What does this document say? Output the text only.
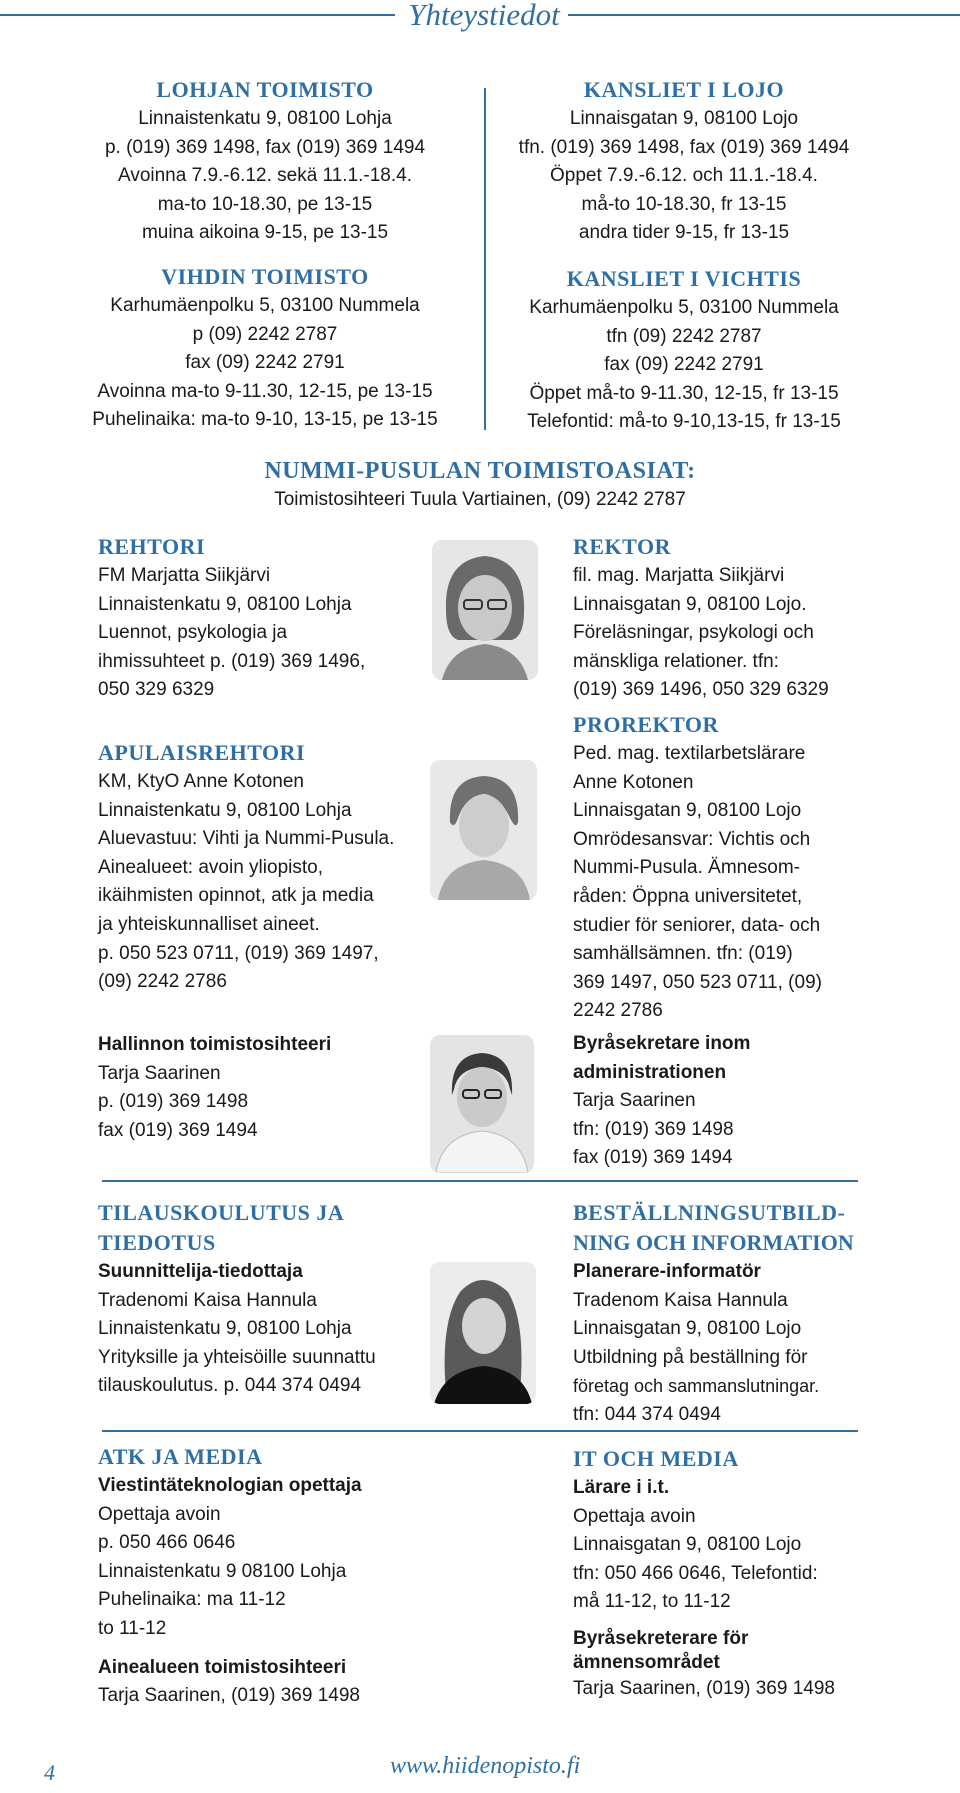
Yhteystiedot
LOHJAN TOIMISTO
Linnaistenkatu 9, 08100 Lohja
p. (019) 369 1498, fax (019) 369 1494
Avoinna 7.9.-6.12. sekä 11.1.-18.4.
ma-to 10-18.30, pe 13-15
muina aikoina 9-15, pe 13-15
KANSLIET I LOJO
Linnaisgatan 9, 08100 Lojo
tfn. (019) 369 1498, fax (019) 369 1494
Öppet 7.9.-6.12. och 11.1.-18.4.
må-to 10-18.30, fr 13-15
andra tider 9-15, fr 13-15
VIHDIN TOIMISTO
Karhumäenpolku 5, 03100 Nummela
p (09) 2242 2787
fax (09) 2242 2791
Avoinna ma-to 9-11.30, 12-15, pe 13-15
Puhelinaika: ma-to 9-10, 13-15, pe 13-15
KANSLIET I VICHTIS
Karhumäenpolku 5, 03100 Nummela
tfn (09) 2242 2787
fax (09) 2242 2791
Öppet må-to 9-11.30, 12-15, fr 13-15
Telefontid: må-to 9-10,13-15, fr 13-15
NUMMI-PUSULAN TOIMISTOASIAT:
Toimistosihteeri Tuula Vartiainen, (09) 2242 2787
REHTORI
FM Marjatta Siikjärvi
Linnaistenkatu 9, 08100 Lohja
Luennot, psykologia ja
ihmissuhteet p. (019) 369 1496,
050 329 6329
REKTOR
fil. mag. Marjatta Siikjärvi
Linnaisgatan 9, 08100 Lojo.
Föreläsningar, psykologi och
mänskliga relationer. tfn:
(019) 369 1496, 050 329 6329
APULAISREHTORI
KM, KtyO Anne Kotonen
Linnaistenkatu 9, 08100 Lohja
Aluevastuu: Vihti ja Nummi-Pusula.
Ainealueet: avoin yliopisto,
ikäihmisten opinnot, atk ja media
ja yhteiskunnalliset aineet.
p. 050 523 0711, (019) 369 1497,
(09) 2242 2786
PROREKTOR
Ped. mag. textilarbetslärare
Anne Kotonen
Linnaisgatan 9, 08100 Lojo
Omrödesansvar: Vichtis och
Nummi-Pusula. Ämnesom-
råden: Öppna universitetet,
studier för seniorer, data- och
samhällsämnen. tfn: (019)
369 1497, 050 523 0711, (09)
2242 2786
Hallinnon toimistosihteeri
Tarja Saarinen
p. (019) 369 1498
fax (019) 369 1494
Byråsekretare inom
administrationen
Tarja Saarinen
tfn: (019) 369 1498
fax (019) 369 1494
TILAUSKOULUTUS JA
TIEDOTUS
Suunnittelija-tiedottaja
Tradenomi Kaisa Hannula
Linnaistenkatu 9, 08100 Lohja
Yrityksille ja yhteisöille suunnattu
tilauskoulutus. p. 044 374 0494
BESTÄLLNINGSUTBILD-
NING OCH INFORMATION
Planerare-informatör
Tradenom Kaisa Hannula
Linnaisgatan 9, 08100 Lojo
Utbildning på beställning för
företag och sammanslutningar.
tfn: 044 374 0494
ATK JA MEDIA
Viestintäteknologian opettaja
Opettaja avoin
p. 050 466 0646
Linnaistenkatu 9 08100 Lohja
Puhelinaika: ma 11-12
to 11-12
Ainealueen toimistosihteeri
Tarja Saarinen, (019) 369 1498
IT OCH MEDIA
Lärare i i.t.
Opettaja avoin
Linnaisgatan 9, 08100 Lojo
tfn: 050 466 0646, Telefontid:
må 11-12, to 11-12
Byråsekreterare för
ämnensområdet
Tarja Saarinen, (019) 369 1498
4	www.hiidenopisto.fi
